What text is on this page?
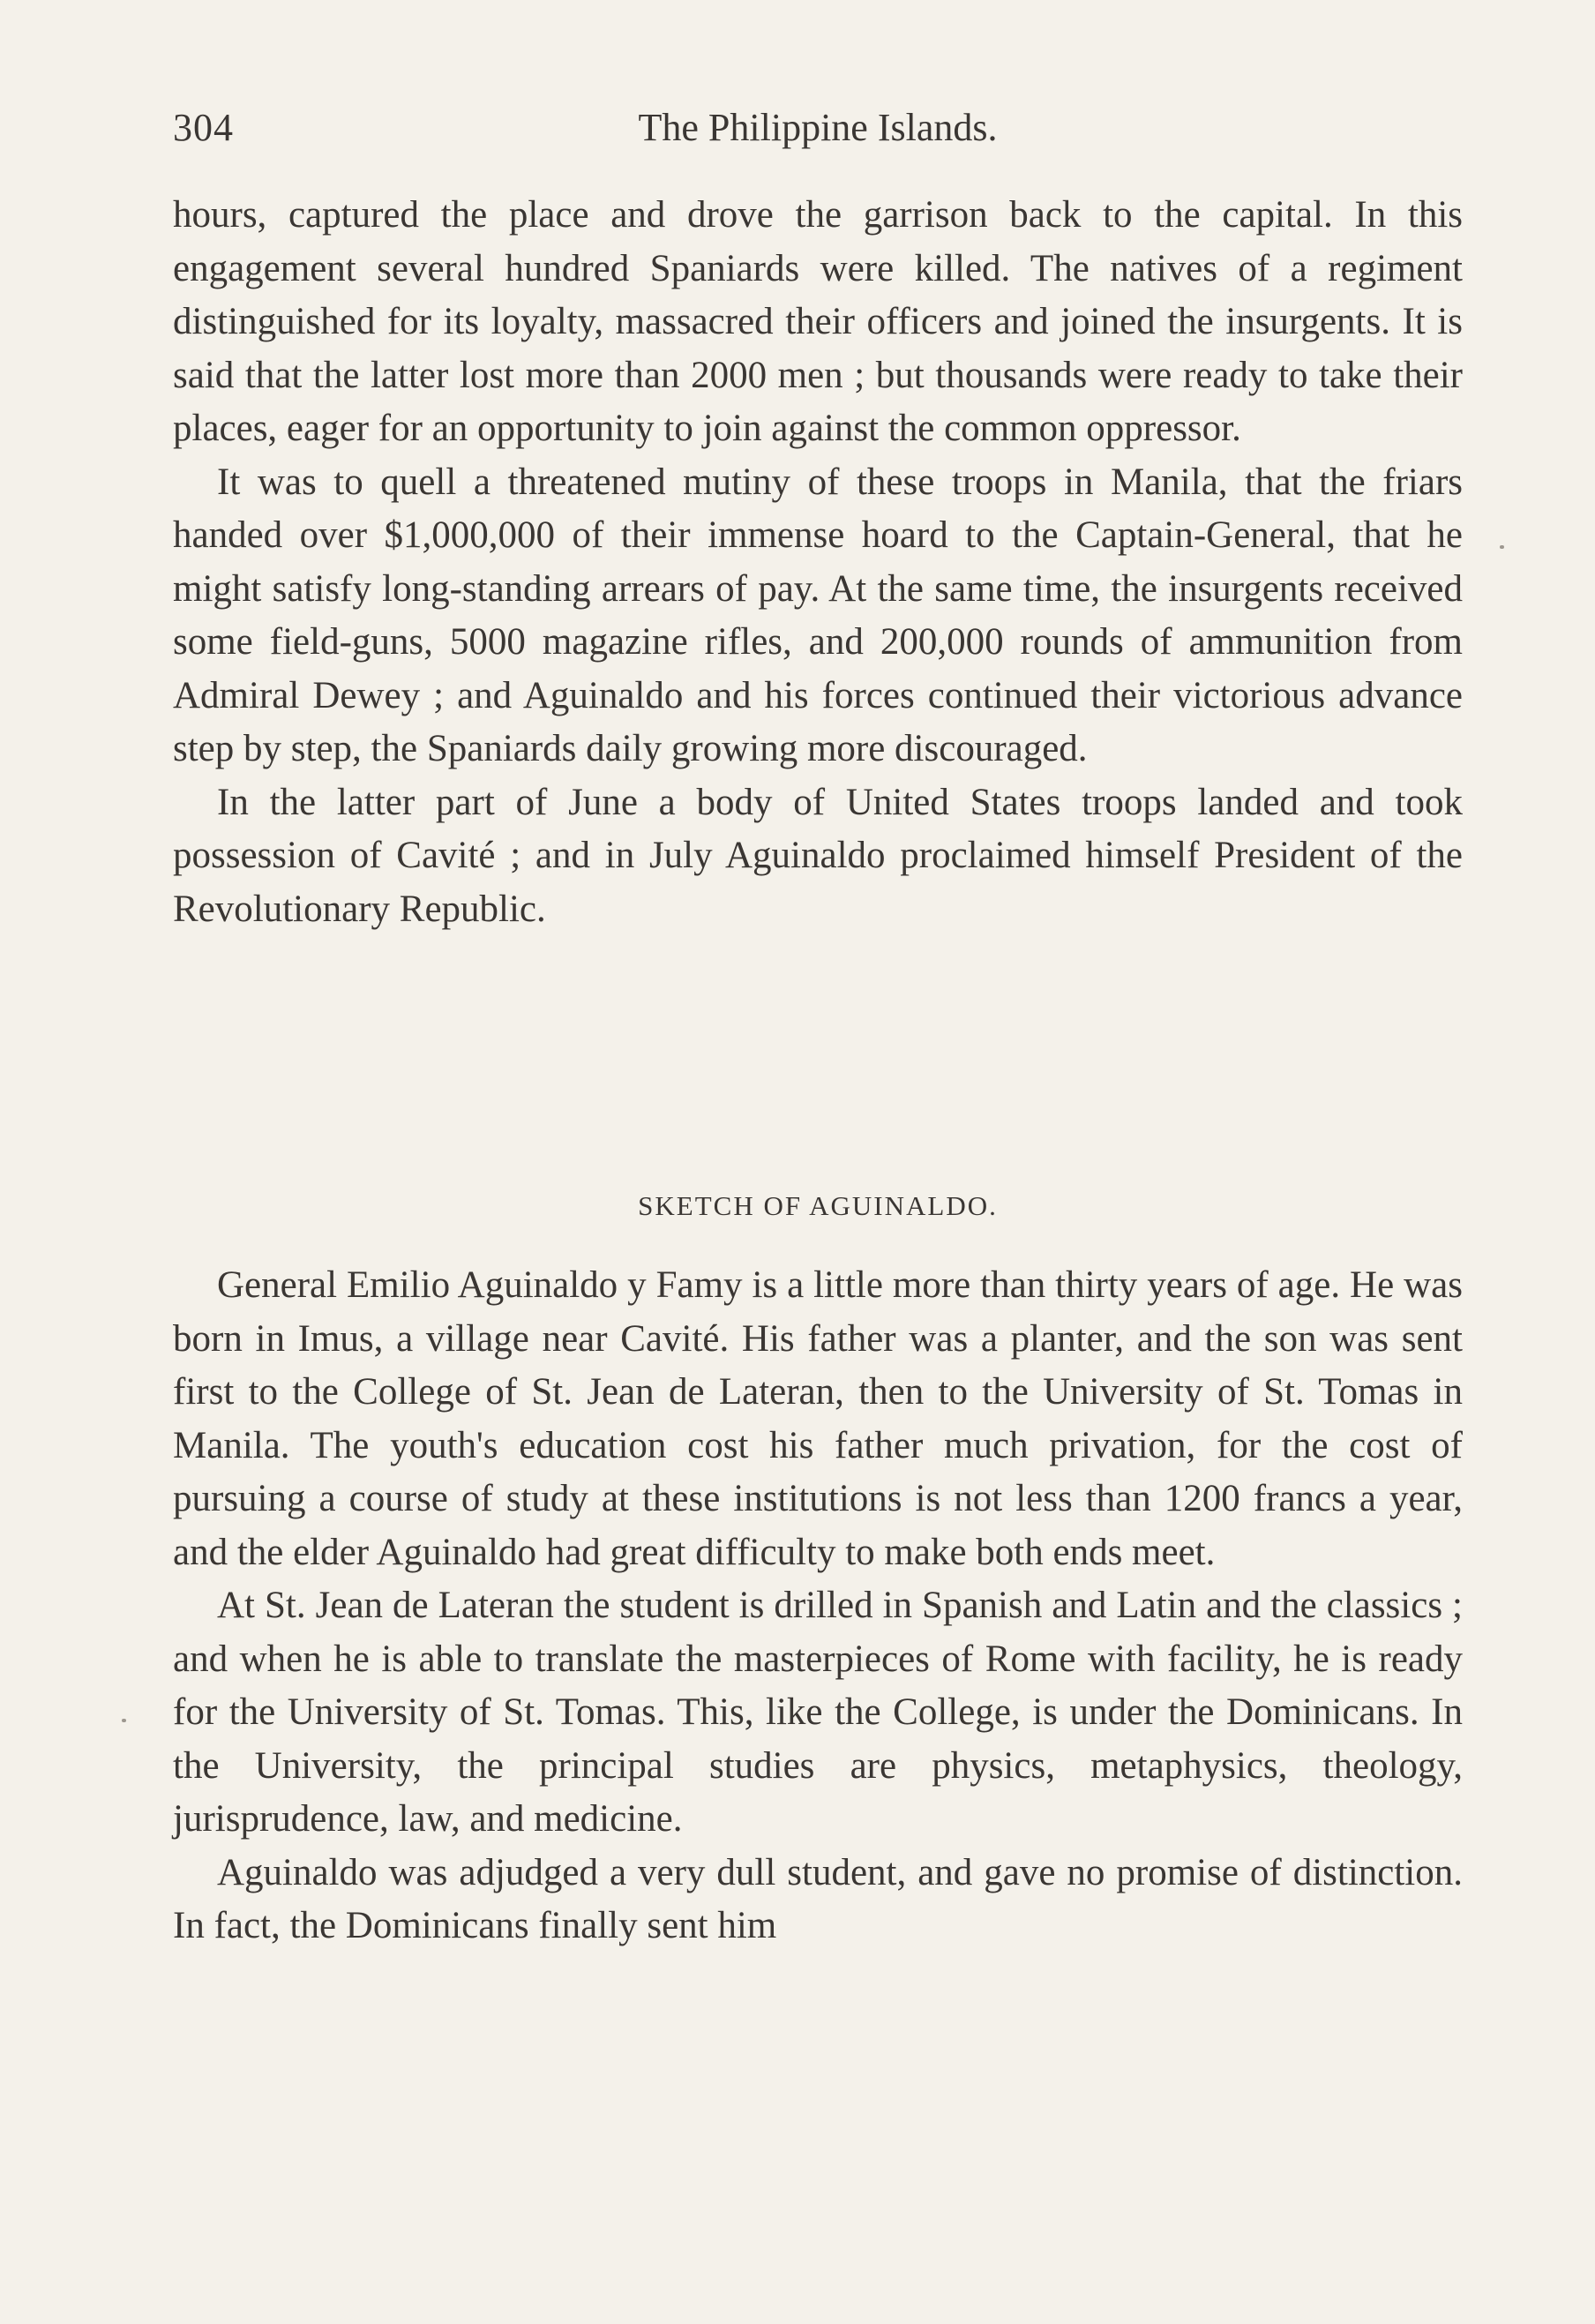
304	The Philippine Islands.

hours, captured the place and drove the garrison back to the capital. In this engagement several hundred Spaniards were killed. The natives of a regiment distinguished for its loyalty, massacred their officers and joined the insurgents. It is said that the latter lost more than 2000 men ; but thousands were ready to take their places, eager for an opportunity to join against the common oppressor.

It was to quell a threatened mutiny of these troops in Manila, that the friars handed over $1,000,000 of their immense hoard to the Captain-General, that he might satisfy long-standing arrears of pay. At the same time, the insurgents received some field-guns, 5000 magazine rifles, and 200,000 rounds of ammunition from Admiral Dewey ; and Aguinaldo and his forces continued their victorious advance step by step, the Spaniards daily growing more discouraged.

In the latter part of June a body of United States troops landed and took possession of Cavité ; and in July Aguinaldo proclaimed himself President of the Revolutionary Republic.

SKETCH OF AGUINALDO.

General Emilio Aguinaldo y Famy is a little more than thirty years of age. He was born in Imus, a village near Cavité. His father was a planter, and the son was sent first to the College of St. Jean de Lateran, then to the University of St. Tomas in Manila. The youth's education cost his father much privation, for the cost of pursuing a course of study at these institutions is not less than 1200 francs a year, and the elder Aguinaldo had great difficulty to make both ends meet.

At St. Jean de Lateran the student is drilled in Spanish and Latin and the classics ; and when he is able to translate the masterpieces of Rome with facility, he is ready for the University of St. Tomas. This, like the College, is under the Dominicans. In the University, the principal studies are physics, metaphysics, theology, jurisprudence, law, and medicine.

Aguinaldo was adjudged a very dull student, and gave no promise of distinction. In fact, the Dominicans finally sent him
